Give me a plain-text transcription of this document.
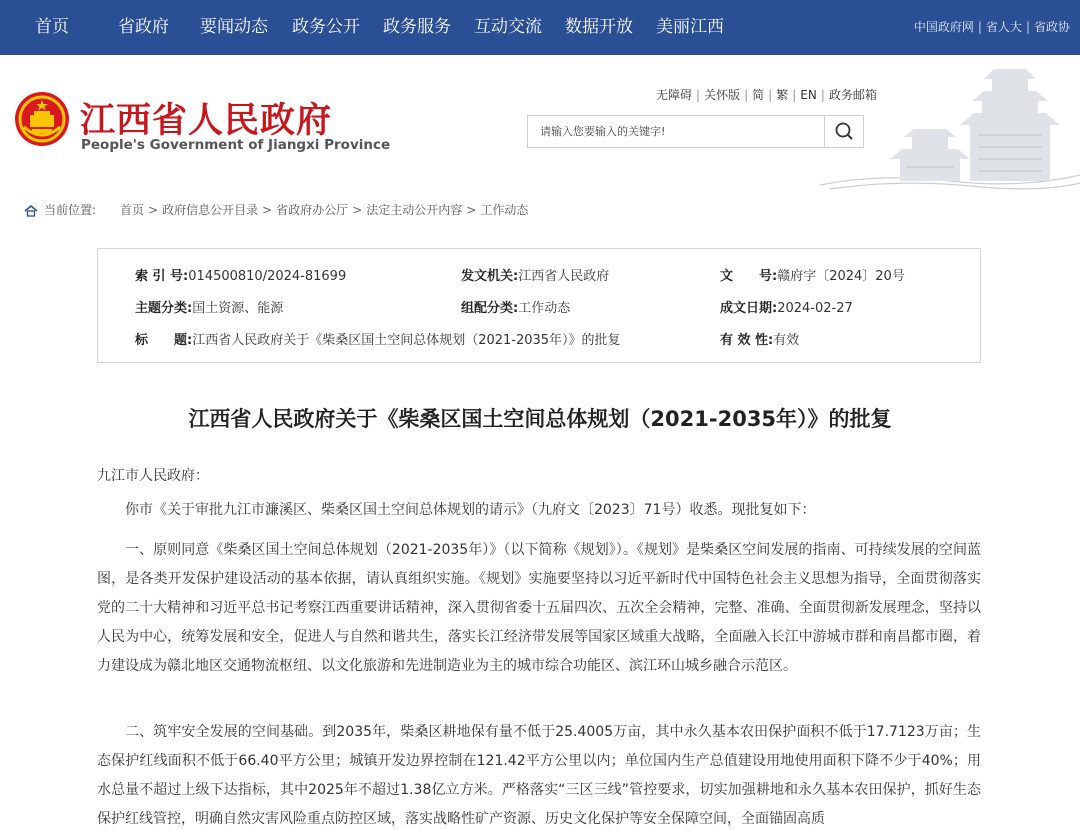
首页	省政府 要闻动态 政务公开 政务服务 互动交流 数据开放 美丽江西	中国政府网 | 省人大 | 省政协
江西省人民政府
People's Government of Jiangxi Province
无障碍 | 关怀版 | 简 | 繁 | EN | 政务邮箱
请输入您要输入的关键字!
当前位置: 首页 > 政府信息公开目录 > 省政府办公厅 > 法定主动公开内容 > 工作动态
索 引 号:014500810/2024-81699	发文机关:江西省人民政府	文　　号:赣府字〔2024〕20号
主题分类:国土资源、能源	组配分类:工作动态	成文日期:2024-02-27
标　　题:江西省人民政府关于《柴桑区国土空间总体规划（2021-2035年）》的批复	有 效 性:有效
江西省人民政府关于《柴桑区国土空间总体规划（2021-2035年）》的批复
九江市人民政府：

你市《关于审批九江市濂溪区、柴桑区国土空间总体规划的请示》（九府文〔2023〕71号）收悉。现批复如下：

一、原则同意《柴桑区国土空间总体规划（2021-2035年）》（以下简称《规划》）。《规划》是柴桑区空间发展的指南、可持续发展的空间蓝图，是各类开发保护建设活动的基本依据，请认真组织实施。《规划》实施要坚持以习近平新时代中国特色社会主义思想为指导，全面贯彻落实党的二十大精神和习近平总书记考察江西重要讲话精神，深入贯彻省委十五届四次、五次全会精神，完整、准确、全面贯彻新发展理念，坚持以人民为中心，统筹发展和安全，促进人与自然和谐共生，落实长江经济带发展等国家区域重大战略，全面融入长江中游城市群和南昌都市圈，着力建设成为赣北地区交通物流枢纽、以文化旅游和先进制造业为主的城市综合功能区、滨江环山城乡融合示范区。

二、筑牢安全发展的空间基础。到2035年，柴桑区耕地保有量不低于25.4005万亩，其中永久基本农田保护面积不低于17.7123万亩；生态保护红线面积不低于66.40平方公里；城镇开发边界控制在121.42平方公里以内；单位国内生产总值建设用地使用面积下降不少于40%；用水总量不超过上级下达指标，其中2025年不超过1.38亿立方米。严格落实“三区三线”管控要求，切实加强耕地和永久基本农田保护，抓好生态保护红线管控，明确自然灾害风险重点防控区域，落实战略性矿产资源、历史文化保护等安全保障空间，全面锚固高质
